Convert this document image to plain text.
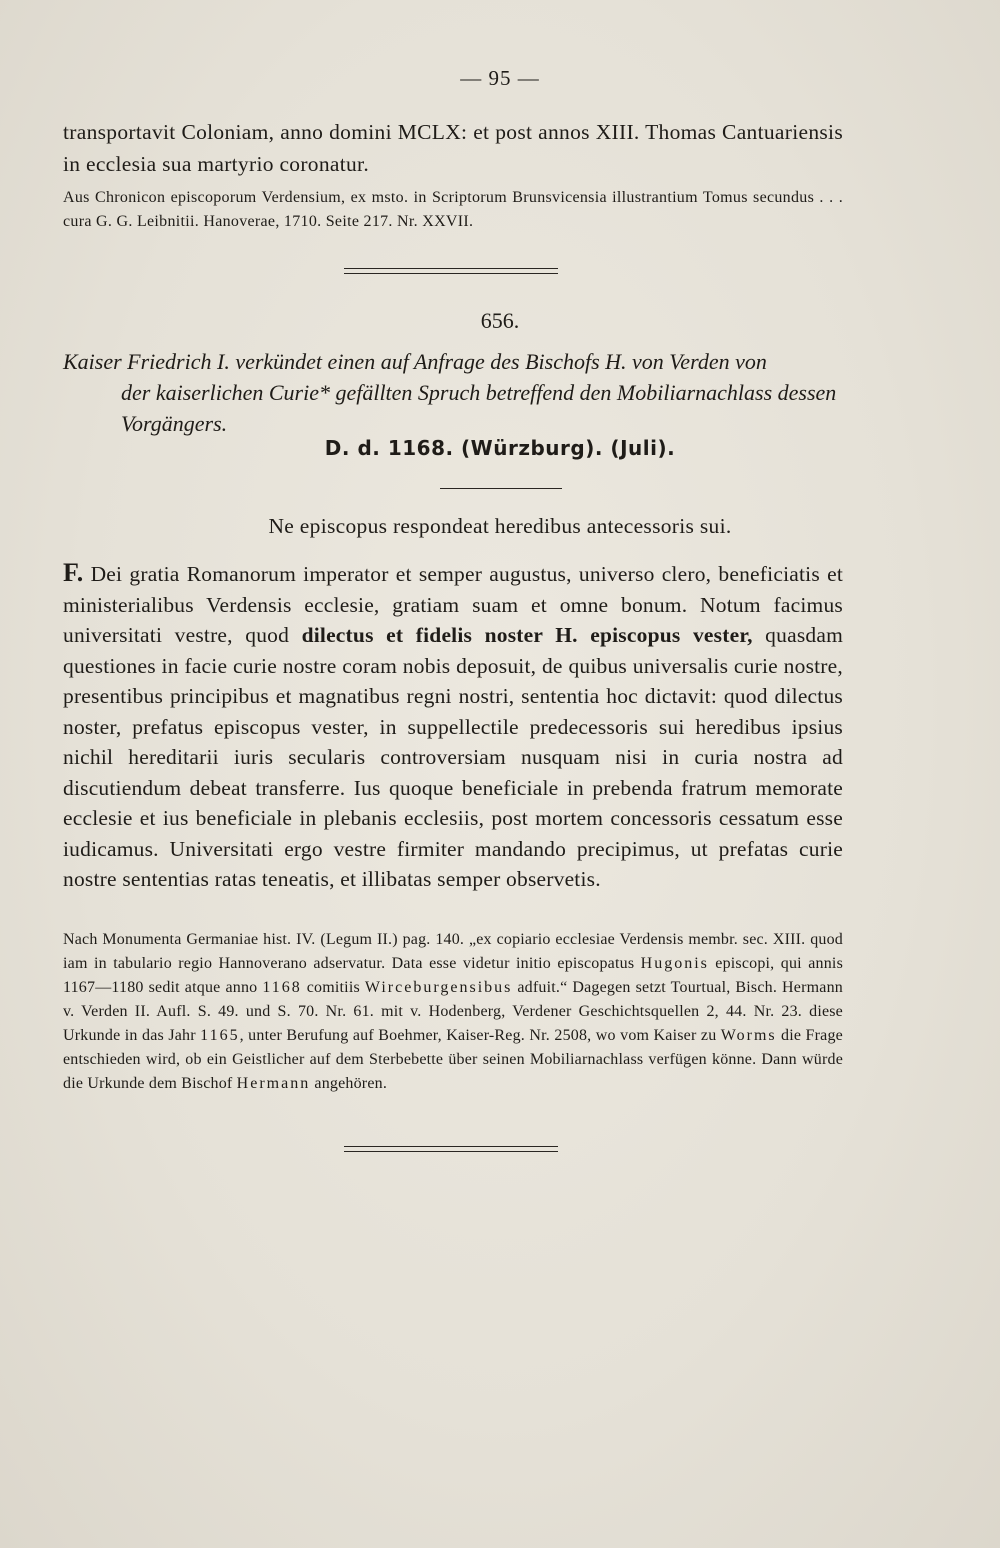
— 95 —
transportavit Coloniam, anno domini MCLX: et post annos XIII. Thomas Cantuariensis in ecclesia sua martyrio coronatur.
Aus Chronicon episcoporum Verdensium, ex msto. in Scriptorum Brunsvicensia illustrantium Tomus secundus . . . cura G. G. Leibnitii. Hanoverae, 1710. Seite 217. Nr. XXVII.
656.
Kaiser Friedrich I. verkündet einen auf Anfrage des Bischofs H. von Verden von
der kaiserlichen Curie* gefällten Spruch betreffend den Mobiliarnachlass dessen
Vorgängers.
D. d. 1168. (Würzburg). (Juli).
Ne episcopus respondeat heredibus antecessoris sui.
F. Dei gratia Romanorum imperator et semper augustus, universo clero, beneficiatis et ministerialibus Verdensis ecclesie, gratiam suam et omne bonum. Notum facimus universitati vestre, quod dilectus et fidelis noster H. episcopus vester, quasdam questiones in facie curie nostre coram nobis deposuit, de quibus universalis curie nostre, presentibus principibus et magnatibus regni nostri, sententia hoc dictavit: quod dilectus noster, prefatus episcopus vester, in suppellectile predecessoris sui heredibus ipsius nichil hereditarii iuris secularis controversiam nusquam nisi in curia nostra ad discutiendum debeat transferre. Ius quoque beneficiale in prebenda fratrum memorate ecclesie et ius beneficiale in plebanis ecclesiis, post mortem concessoris cessatum esse iudicamus. Universitati ergo vestre firmiter mandando precipimus, ut prefatas curie nostre sententias ratas teneatis, et illibatas semper observetis.
Nach Monumenta Germaniae hist. IV. (Legum II.) pag. 140. „ex copiario ecclesiae Verdensis membr. sec. XIII. quod iam in tabulario regio Hannoverano adservatur. Data esse videtur initio episcopatus Hugonis episcopi, qui annis 1167—1180 sedit atque anno 1168 comitiis Wirceburgensibus adfuit.“ Dagegen setzt Tourtual, Bisch. Hermann v. Verden II. Aufl. S. 49. und S. 70. Nr. 61. mit v. Hodenberg, Verdener Geschichtsquellen 2, 44. Nr. 23. diese Urkunde in das Jahr 1165, unter Berufung auf Boehmer, Kaiser-Reg. Nr. 2508, wo vom Kaiser zu Worms die Frage entschieden wird, ob ein Geistlicher auf dem Sterbebette über seinen Mobiliarnachlass verfügen könne. Dann würde die Urkunde dem Bischof Hermann angehören.
